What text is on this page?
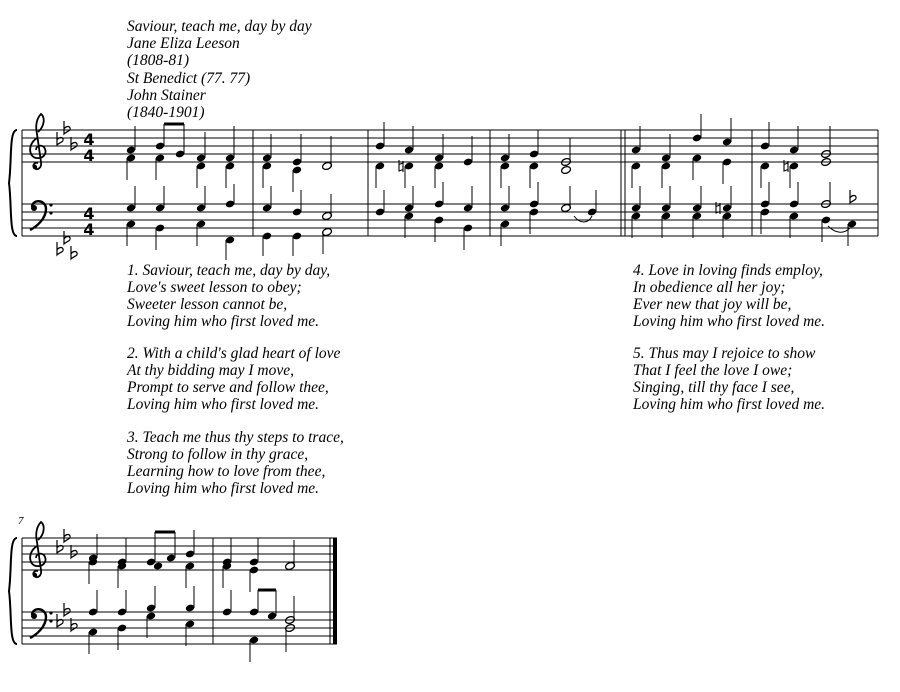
Saviour, teach me, day by day
Jane Eliza Leeson
(1808-81)
St Benedict (77. 77)
John Stainer
(1840-1901)
1. Saviour, teach me, day by day,
Love's sweet lesson to obey;
Sweeter lesson cannot be,
Loving him who first loved me.
2. With a child's glad heart of love
At thy bidding may I move,
Prompt to serve and follow thee,
Loving him who first loved me.
3. Teach me thus thy steps to trace,
Strong to follow in thy grace,
Learning how to love from thee,
Loving him who first loved me.
4. Love in loving finds employ,
In obedience all her joy;
Ever new that joy will be,
Loving him who first loved me.
5. Thus may I rejoice to show
That I feel the love I owe;
Singing, till thy face I see,
Loving him who first loved me.
4
4
4
4
7
